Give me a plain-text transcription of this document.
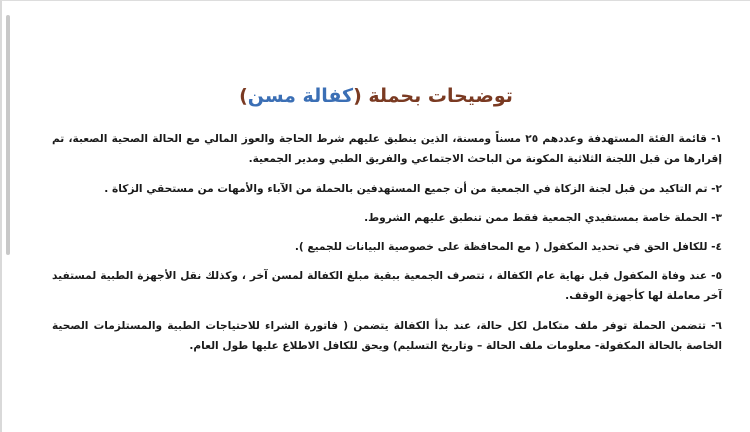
توضيحات بحملة (كفالة مسن)

١- قائمة الفئة المستهدفة وعددهم ٢٥ مسناً ومسنة، الذين ينطبق عليهم شرط الحاجة والعوز المالي مع الحالة الصحية الصعبة، تم إقرارها من قبل اللجنة الثلاثية المكونة من الباحث الاجتماعي والفريق الطبي ومدير الجمعية.

٢- تم التاكيد من قبل لجنة الزكاة في الجمعية من أن جميع المستهدفين بالحملة من الآباء والأمهات من مستحقي الزكاة .

٣- الحملة خاصة بمستفيدي الجمعية فقط ممن تنطبق عليهم الشروط.

٤- للكافل الحق في تحديد المكفول ( مع المحافظة على خصوصية البيانات للجميع ).

٥- عند وفاة المكفول قبل نهاية عام الكفالة ، تتصرف الجمعية ببقية مبلغ الكفالة لمسن آخر ، وكذلك نقل الأجهزة الطبية لمستفيد آخر معاملة لها كأجهزة الوقف.

٦- تتضمن الحملة توفر ملف متكامل لكل حالة، عند بدأ الكفالة يتضمن ( فاتورة الشراء للاحتياجات الطبية والمستلزمات الصحية الخاصة بالحالة المكفولة- معلومات ملف الحالة – وتاريخ التسليم) ويحق للكافل الاطلاع عليها طول العام.
